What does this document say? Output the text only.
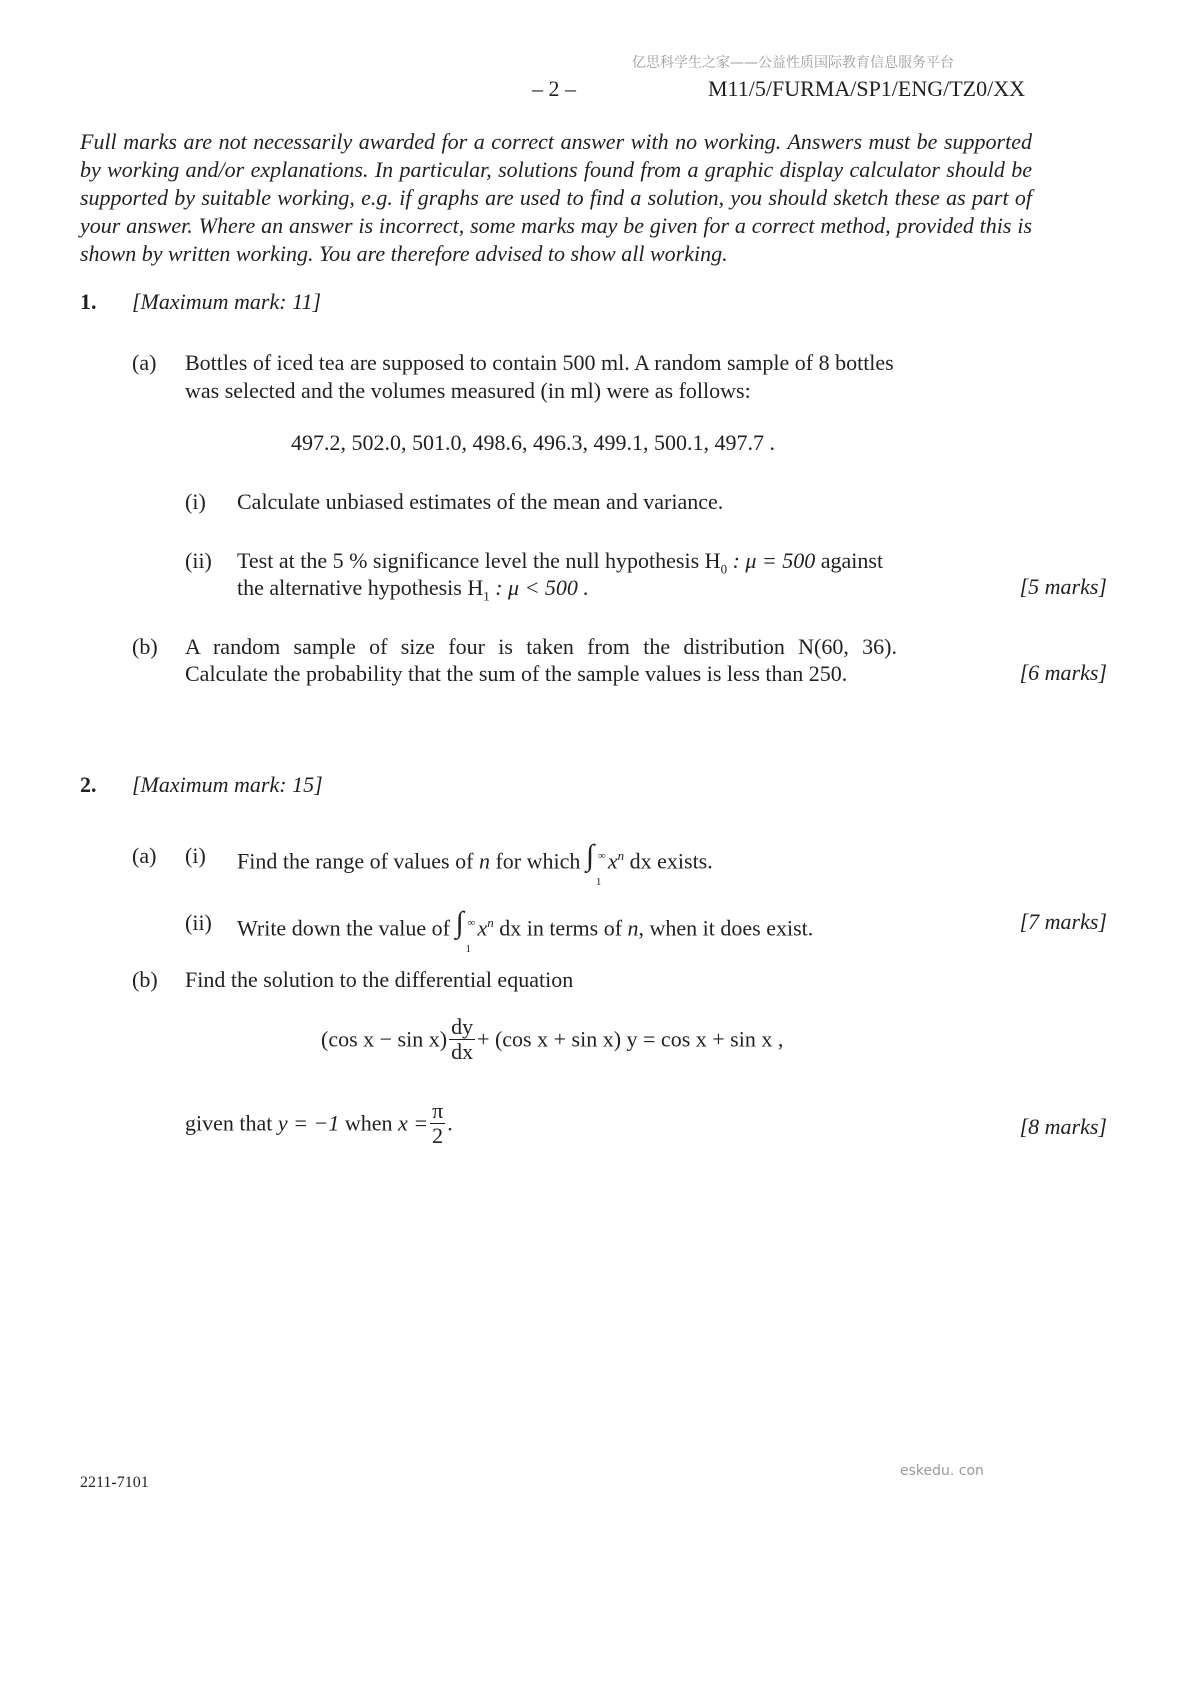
亿思科学生之家——公益性质国际教育信息服务平台
– 2 –	M11/5/FURMA/SP1/ENG/TZ0/XX
Full marks are not necessarily awarded for a correct answer with no working. Answers must be supported by working and/or explanations. In particular, solutions found from a graphic display calculator should be supported by suitable working, e.g. if graphs are used to find a solution, you should sketch these as part of your answer. Where an answer is incorrect, some marks may be given for a correct method, provided this is shown by written working. You are therefore advised to show all working.
1. [Maximum mark: 11]
(a) Bottles of iced tea are supposed to contain 500 ml. A random sample of 8 bottles was selected and the volumes measured (in ml) were as follows:
497.2, 502.0, 501.0, 498.6, 496.3, 499.1, 500.1, 497.7 .
(i) Calculate unbiased estimates of the mean and variance.
(ii) Test at the 5 % significance level the null hypothesis $H_0$ : μ = 500 against
the alternative hypothesis $H_1$ : μ < 500 .	[5 marks]
(b) A random sample of size four is taken from the distribution N(60, 36).
Calculate the probability that the sum of the sample values is less than 250.	[6 marks]
2. [Maximum mark: 15]
(a) (i) Find the range of values of n for which ∫ ∞
1
$x^n$ dx exists.
(ii) Write down the value of ∫ ∞
1
$x^n$ dx in terms of n, when it does exist.	[7 marks]
(b) Find the solution to the differential equation
(cos $x - \sin x) \frac{dy}{dx} + (\cos$ x + sin x) y = cos x + sin x ,
given that y = −1 when $x = \frac{\pi}{2}$ .	[8 marks]
eskedu. con
2211-7101
